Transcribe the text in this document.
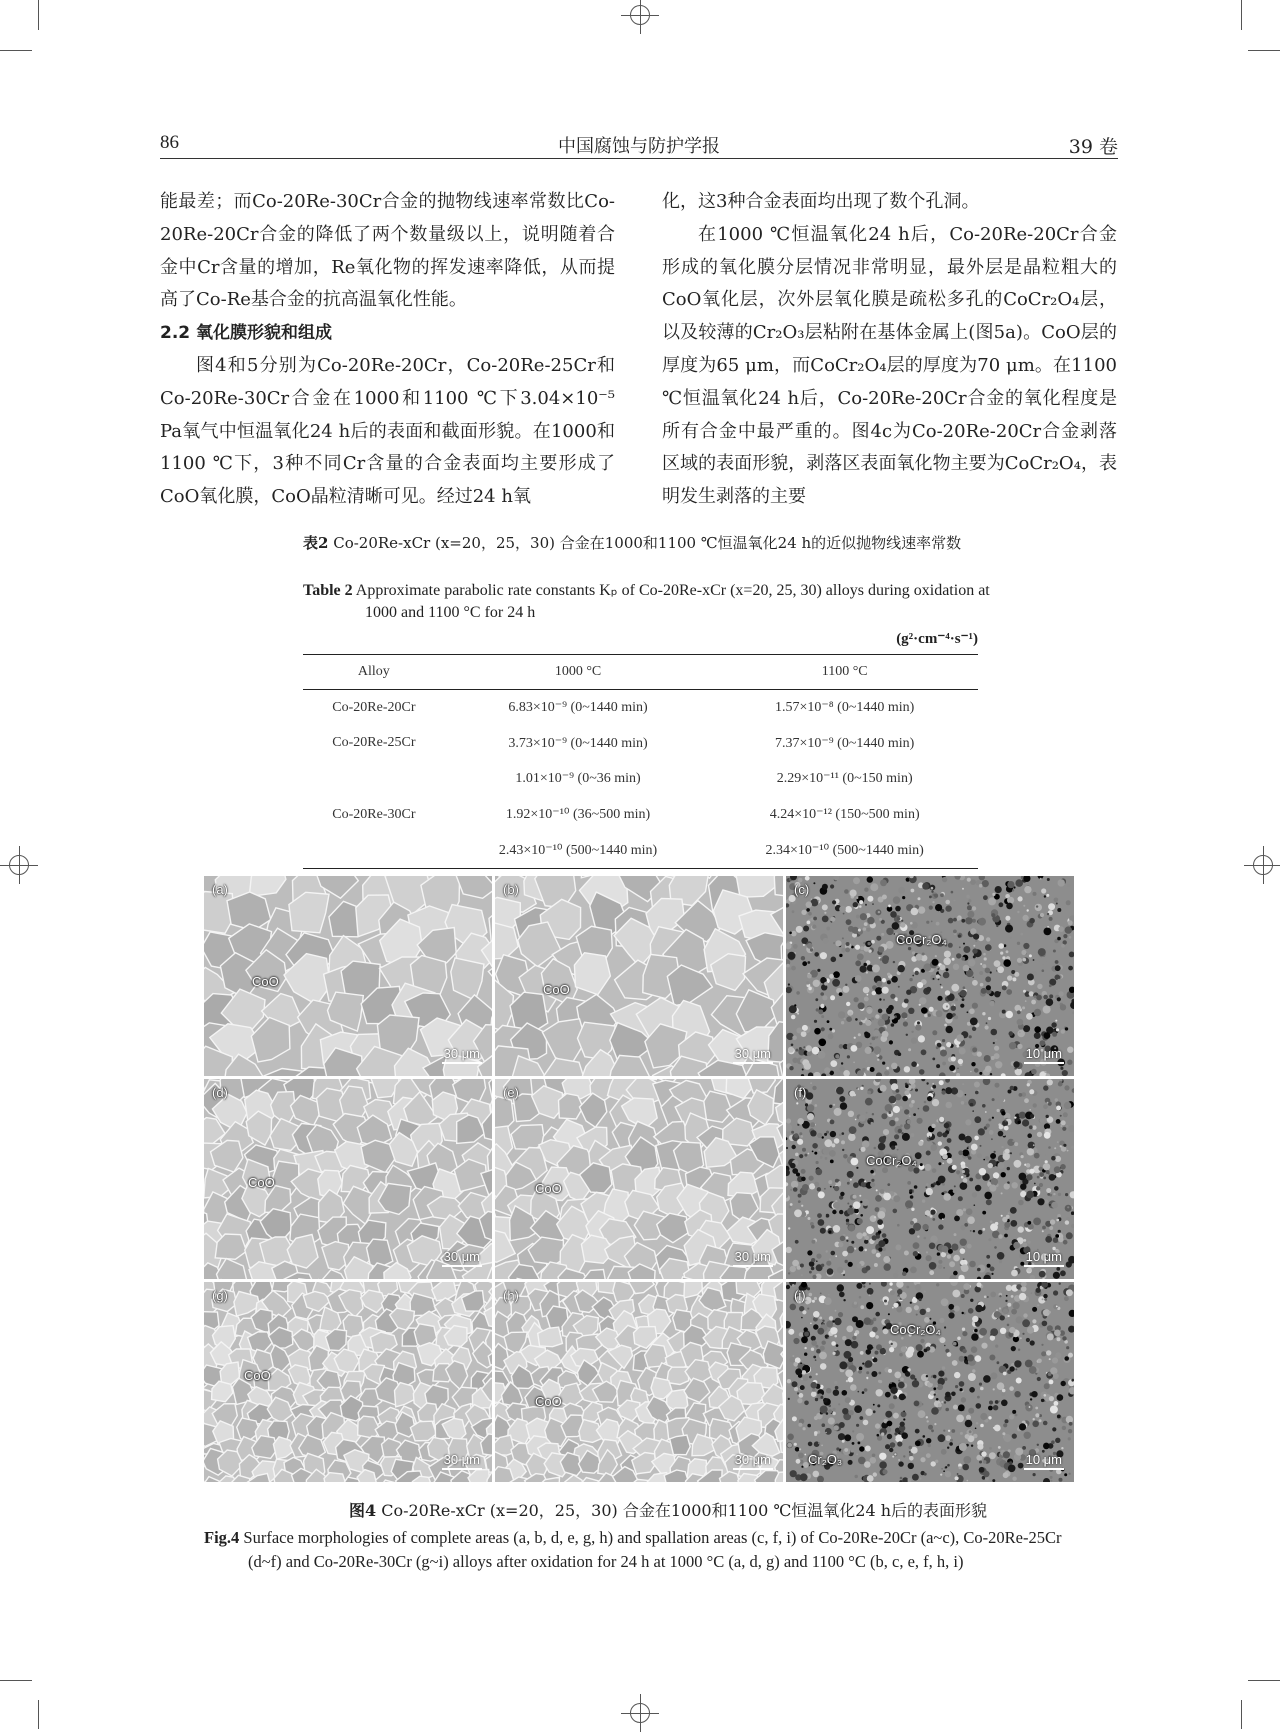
86	中国腐蚀与防护学报	39 卷

能最差；而Co-20Re-30Cr合金的抛物线速率常数比Co-20Re-20Cr合金的降低了两个数量级以上，说明随着合金中Cr含量的增加，Re氧化物的挥发速率降低，从而提高了Co-Re基合金的抗高温氧化性能。

2.2 氧化膜形貌和组成

图4和5分别为Co-20Re-20Cr，Co-20Re-25Cr和Co-20Re-30Cr合金在1000和1100 ℃下3.04×10⁻⁵ Pa氧气中恒温氧化24 h后的表面和截面形貌。在1000和1100 ℃下，3种不同Cr含量的合金表面均主要形成了CoO氧化膜，CoO晶粒清晰可见。经过24 h氧

化，这3种合金表面均出现了数个孔洞。

在1000 ℃恒温氧化24 h后，Co-20Re-20Cr合金形成的氧化膜分层情况非常明显，最外层是晶粒粗大的CoO氧化层，次外层氧化膜是疏松多孔的CoCr₂O₄层，以及较薄的Cr₂O₃层粘附在基体金属上(图5a)。CoO层的厚度为65 μm，而CoCr₂O₄层的厚度为70 μm。在1100 ℃恒温氧化24 h后，Co-20Re-20Cr合金的氧化程度是所有合金中最严重的。图4c为Co-20Re-20Cr合金剥落区域的表面形貌，剥落区表面氧化物主要为CoCr₂O₄，表明发生剥落的主要

表2 Co-20Re-xCr (x=20，25，30) 合金在1000和1100 ℃恒温氧化24 h的近似抛物线速率常数
Table 2 Approximate parabolic rate constants Kₚ of Co-20Re-xCr (x=20, 25, 30) alloys during oxidation at 1000 and 1100 °C for 24 h
(g²·cm⁻⁴·s⁻¹)
Alloy	1000 °C	1100 °C
Co-20Re-20Cr	6.83×10⁻⁹ (0~1440 min)	1.57×10⁻⁸ (0~1440 min)
Co-20Re-25Cr	3.73×10⁻⁹ (0~1440 min)	7.37×10⁻⁹ (0~1440 min)
	1.01×10⁻⁹ (0~36 min)	2.29×10⁻¹¹ (0~150 min)
Co-20Re-30Cr	1.92×10⁻¹⁰ (36~500 min)	4.24×10⁻¹² (150~500 min)
	2.43×10⁻¹⁰ (500~1440 min)	2.34×10⁻¹⁰ (500~1440 min)
(a)
CoO
30 μm
(b)
CoO
30 μm
(c)
CoCr₂O₄
10 μm
(d)
CoO
30 μm
(e)
CoO
30 μm
(f)
CoCr₂O₄
10 μm
(g)
CoO
30 μm
(h)
CoO
30 μm
(i)
CoCr₂O₄
Cr₂O₃	10 μm
图4 Co-20Re-xCr (x=20，25，30) 合金在1000和1100 ℃恒温氧化24 h后的表面形貌
Fig.4 Surface morphologies of complete areas (a, b, d, e, g, h) and spallation areas (c, f, i) of Co-20Re-20Cr (a~c), Co-20Re-25Cr (d~f) and Co-20Re-30Cr (g~i) alloys after oxidation for 24 h at 1000 °C (a, d, g) and 1100 °C (b, c, e, f, h, i)
